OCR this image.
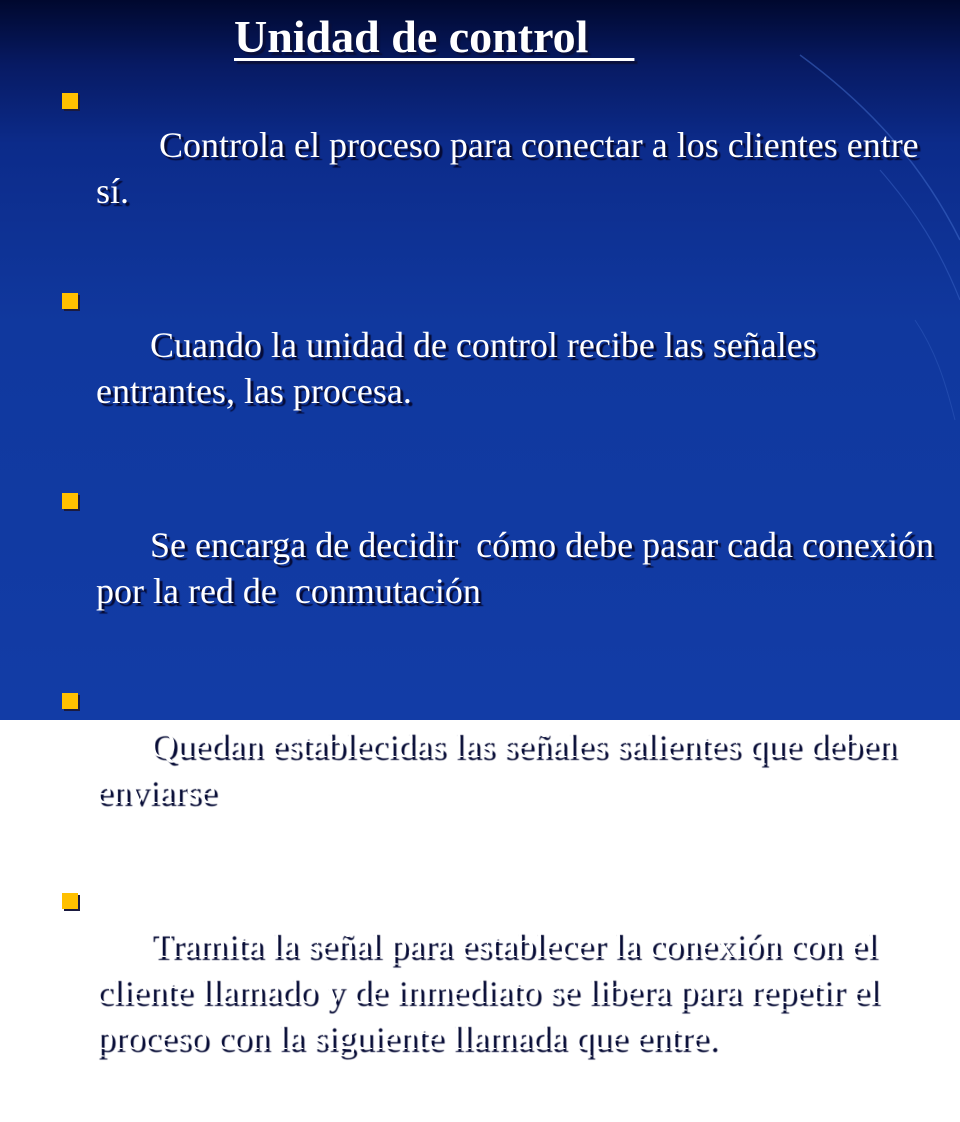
Unidad de control

Controla el proceso para conectar a los clientes entre sí.

Cuando la unidad de control recibe las señales entrantes, las procesa.

Se encarga de decidir  cómo debe pasar cada conexión por la red de  conmutación

Quedan establecidas las señales salientes que deben enviarse

Tramita la señal para establecer la conexión con el cliente llamado y de inmediato se libera para repetir el proceso con la siguiente llamada que entre.
